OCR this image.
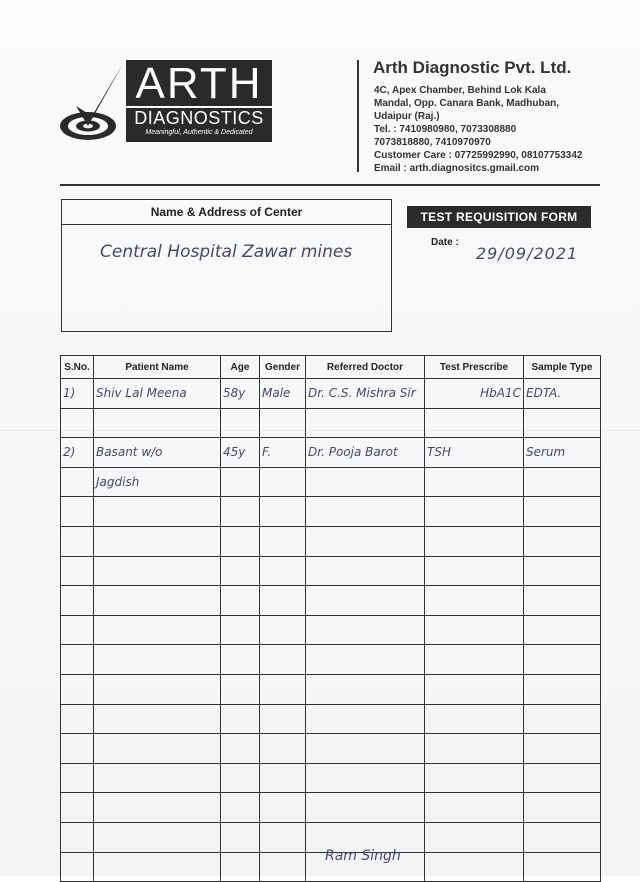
ARTH
DIAGNOSTICS
Meaningful, Authentic & Dedicated
Arth Diagnostic Pvt. Ltd.
4C, Apex Chamber, Behind Lok Kala
Mandal, Opp. Canara Bank, Madhuban,
Udaipur (Raj.)
Tel. : 7410980980, 7073308880
7073818880, 7410970970
Customer Care : 07725992990, 08107753342
Email : arth.diagnositcs.gmail.com
Name & Address of Center
Central Hospital Zawar mines
TEST REQUISITION FORM
Date :
29/09/2021
S.No.	Patient Name	Age	Gender	Referred Doctor	Test Prescribe	Sample Type
1)	Shiv Lal Meena	58y	Male	Dr. C.S. Mishra Sir	HbA1C	EDTA.

2)	Basant w/o	45y	F.	Dr. Pooja Barot	TSH	Serum
	Jagdish					

Ram Singh
